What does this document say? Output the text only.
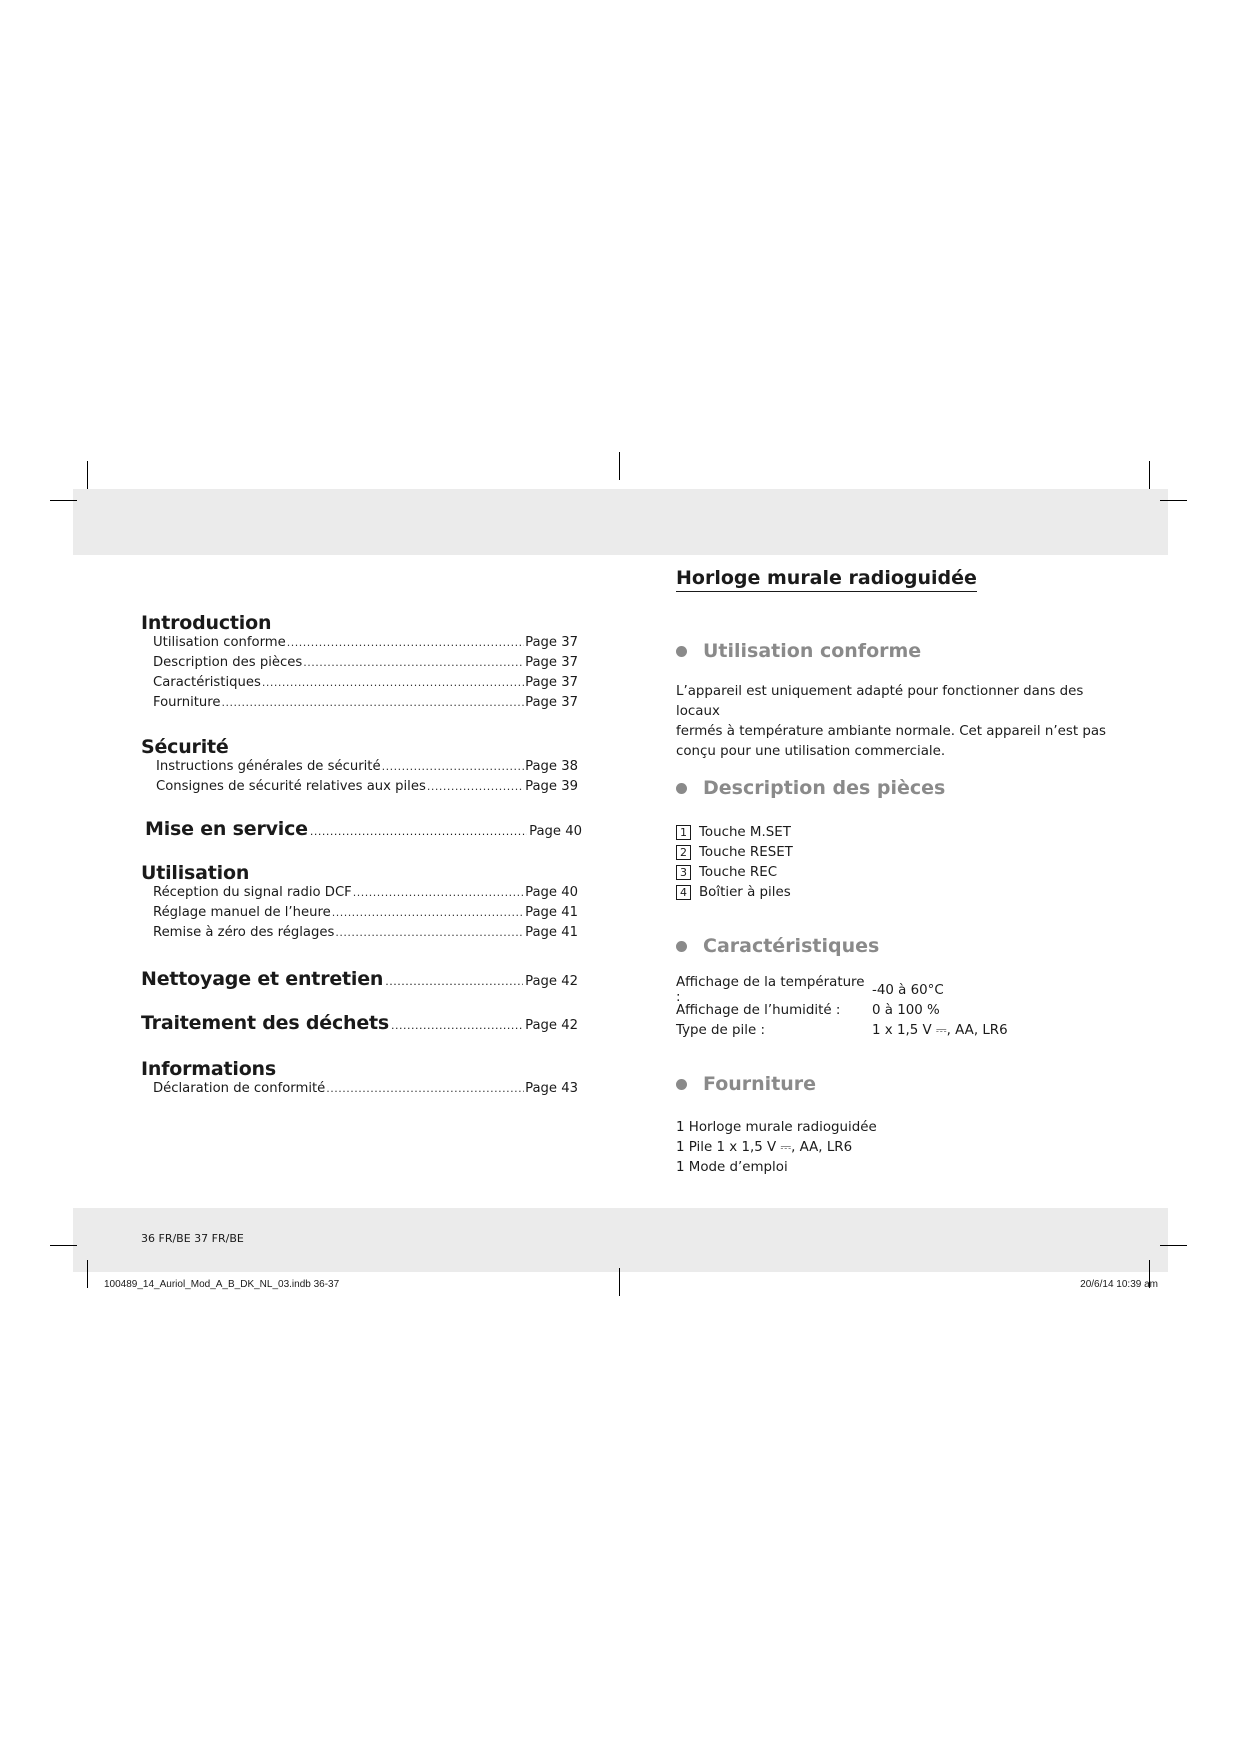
Introduction
Utilisation conforme .....	Page 37
Description des pièces .....	Page 37
Caractéristiques .....	Page 37
Fourniture .....	Page 37
Sécurité
Instructions générales de sécurité .....	Page 38
Consignes de sécurité relatives aux piles .....	Page 39
Mise en service .....	Page 40
Utilisation
Réception du signal radio DCF .....	Page 40
Réglage manuel de l’heure .....	Page 41
Remise à zéro des réglages .....	Page 41
Nettoyage et entretien .....	Page 42
Traitement des déchets .....	Page 42
Informations
Déclaration de conformité .....	Page 43
Horloge murale radioguidée
Utilisation conforme
L’appareil est uniquement adapté pour fonctionner dans des locaux
fermés à température ambiante normale. Cet appareil n’est pas
conçu pour une utilisation commerciale.
Description des pièces
1 Touche M.SET
2 Touche RESET
3 Touche REC
4 Boîtier à piles
Caractéristiques
Affichage de la température :	-40 à 60°C
Affichage de l’humidité :	0 à 100 %
Type de pile :	1 x 1,5 V ⎓, AA, LR6
Fourniture
1 Horloge murale radioguidée
1 Pile 1 x 1,5 V ⎓, AA, LR6
1 Mode d’emploi
36 FR/BE 37 FR/BE
100489_14_Auriol_Mod_A_B_DK_NL_03.indb 36-37	20/6/14 10:39 am
